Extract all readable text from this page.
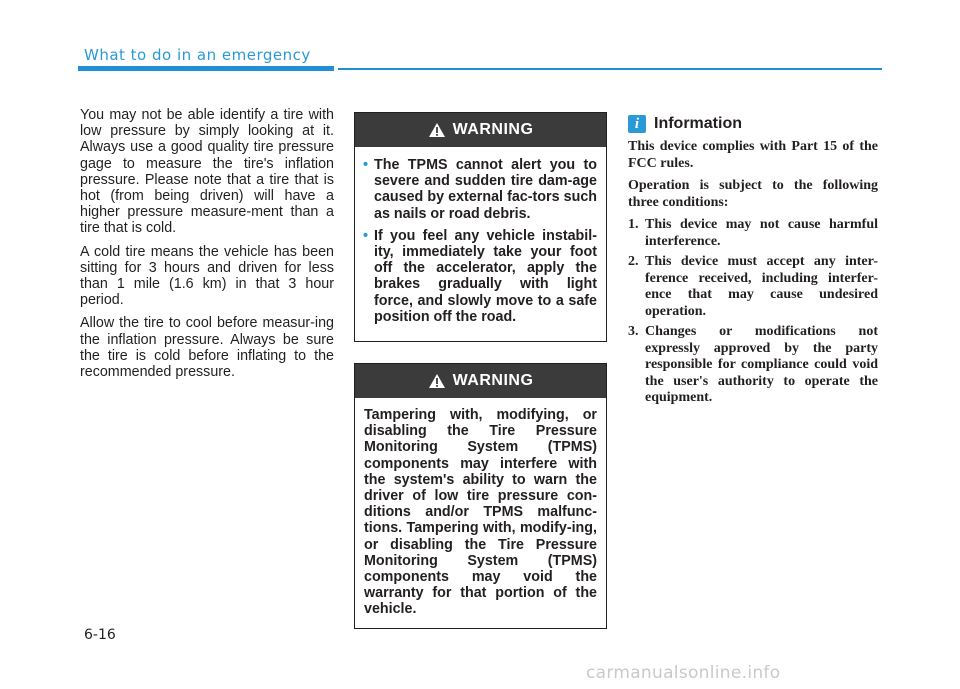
What to do in an emergency

You may not be able identify a tire with low pressure by simply looking at it. Always use a good quality tire pressure gage to measure the tire's inflation pressure. Please note that a tire that is hot (from being driven) will have a higher pressure measure-ment than a tire that is cold.

A cold tire means the vehicle has been sitting for 3 hours and driven for less than 1 mile (1.6 km) in that 3 hour period.

Allow the tire to cool before measur-ing the inflation pressure. Always be sure the tire is cold before inflating to the recommended pressure.

WARNING
• The TPMS cannot alert you to severe and sudden tire dam-age caused by external fac-tors such as nails or road debris.
• If you feel any vehicle instabil-ity, immediately take your foot off the accelerator, apply the brakes gradually with light force, and slowly move to a safe position off the road.
WARNING
Tampering with, modifying, or disabling the Tire Pressure Monitoring System (TPMS) components may interfere with the system's ability to warn the driver of low tire pressure con-ditions and/or TPMS malfunc-tions. Tampering with, modify-ing, or disabling the Tire Pressure Monitoring System (TPMS) components may void the warranty for that portion of the vehicle.
i Information

This device complies with Part 15 of the FCC rules.

Operation is subject to the following three conditions:

1. This device may not cause harmful interference.
2. This device must accept any inter-ference received, including interfer-ence that may cause undesired operation.
3. Changes or modifications not expressly approved by the party responsible for compliance could void the user's authority to operate the equipment.
6-16
carmanualsonline.info
